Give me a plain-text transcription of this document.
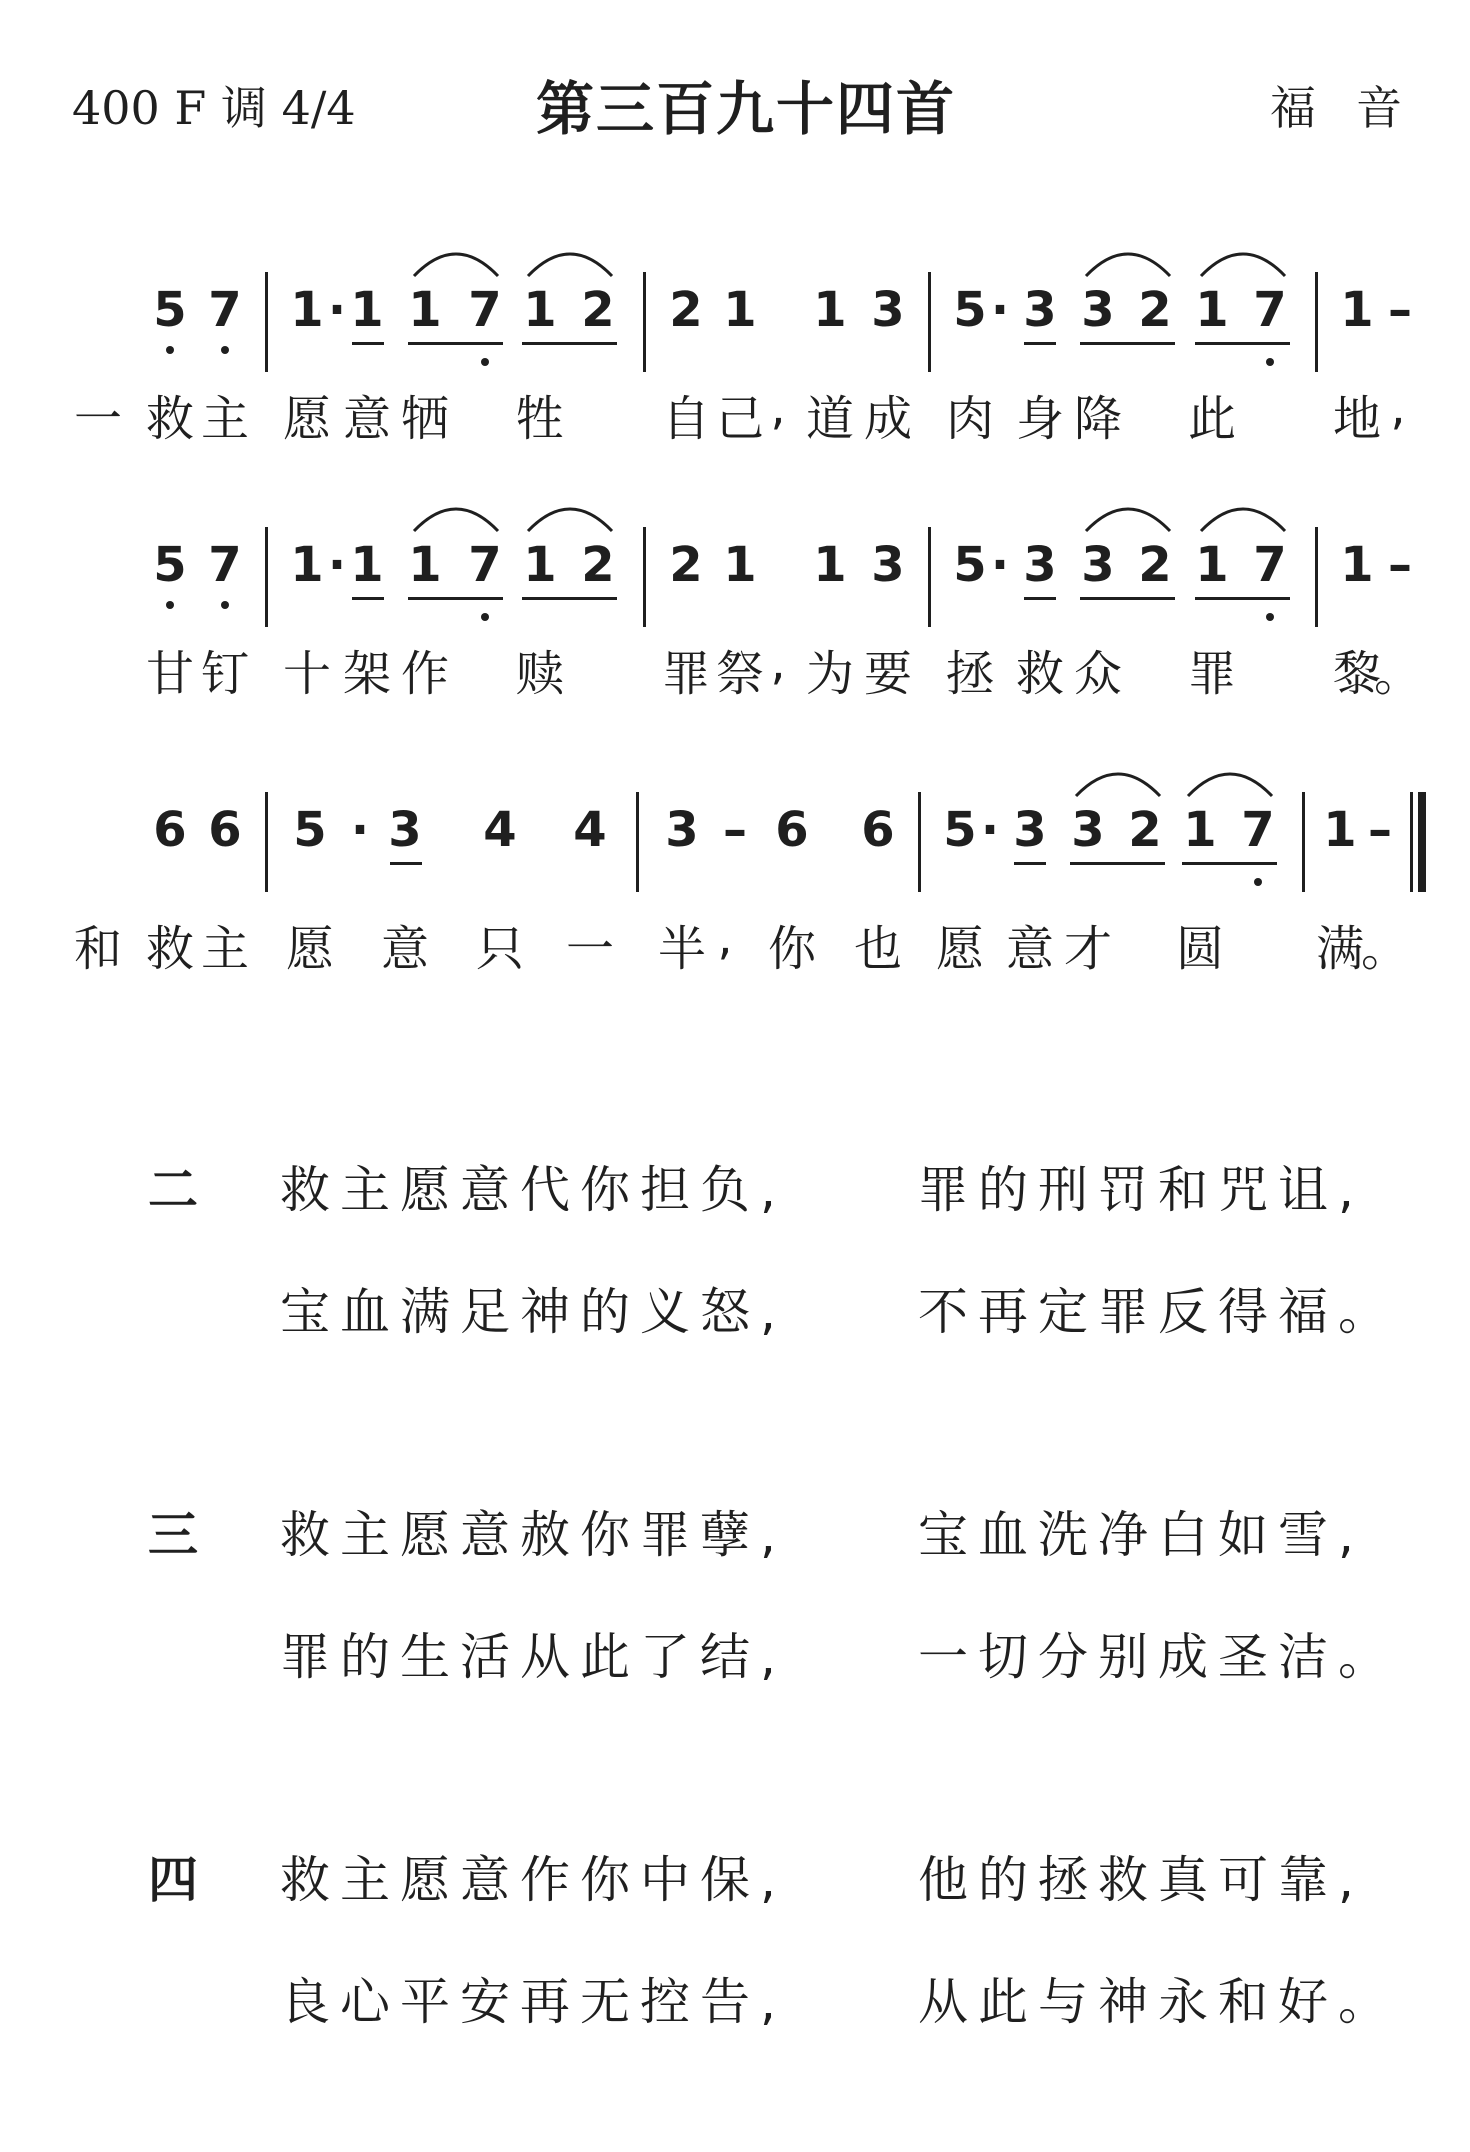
400 F 调 4/4	第三百九十四首	福音
5 7 1 · 1 1 7 1 2 2 1 1 3 5 · 3 3 2 1 7 1 –
一 救 主 愿 意 牺 牲 自 己 , 道 成 肉 身 降 此 地 ,
5 7 1 · 1 1 7 1 2 2 1 1 3 5 · 3 3 2 1 7 1 –
甘 钉 十 架 作 赎 罪 祭 , 为 要 拯 救 众 罪 黎
。
6 6 5 · 3 4 4 3 – 6 6 5 · 3 3 2 1 7 1 –
和 救 主 愿 意 只 一 半 , 你 也 愿 意 才 圆 满
。
二 救主愿意代你担负,	罪的刑罚和咒诅,
宝血满足神的义怒,	不再定罪反得福。
三 救主愿意赦你罪孽,	宝血洗净白如雪,
罪的生活从此了结,	一切分别成圣洁。
四 救主愿意作你中保,	他的拯救真可靠,
良心平安再无控告,	从此与神永和好。
